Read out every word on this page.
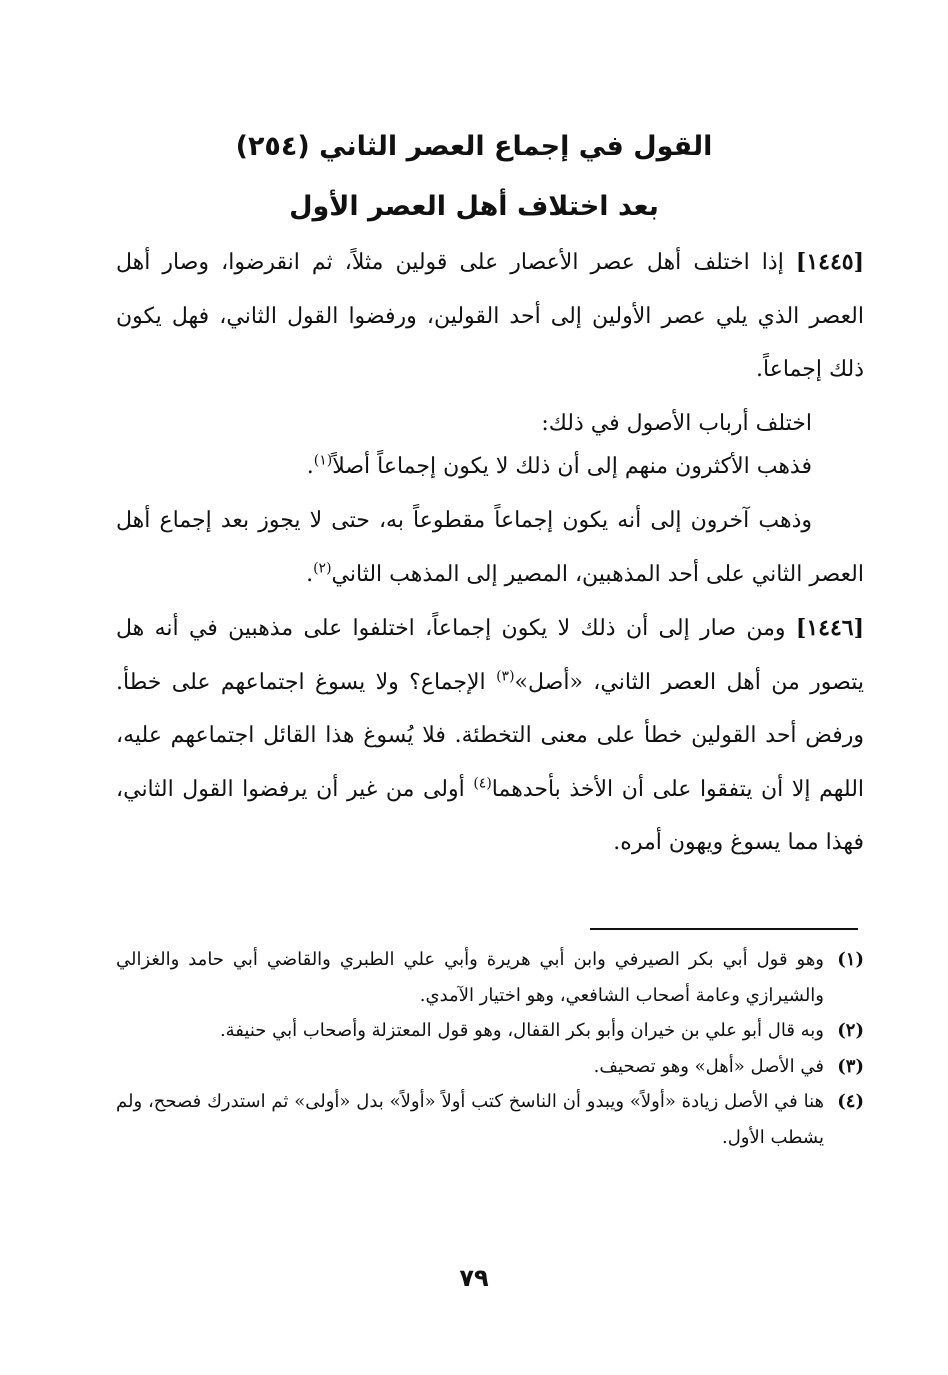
(٢٥٤) القول في إجماع العصر الثاني
بعد اختلاف أهل العصر الأول
[١٤٤٥] إذا اختلف أهل عصر الأعصار على قولين مثلاً، ثم انقرضوا، وصار أهل العصر الذي يلي عصر الأولين إلى أحد القولين، ورفضوا القول الثاني، فهل يكون ذلك إجماعاً.
اختلف أرباب الأصول في ذلك:
فذهب الأكثرون منهم إلى أن ذلك لا يكون إجماعاً أصلاً$^{(١)}$.
وذهب آخرون إلى أنه يكون إجماعاً مقطوعاً به، حتى لا يجوز بعد إجماع أهل العصر الثاني على أحد المذهبين، المصير إلى المذهب الثاني$^{(٢)}$.
[١٤٤٦] ومن صار إلى أن ذلك لا يكون إجماعاً، اختلفوا على مذهبين في أنه هل يتصور من أهل العصر الثاني، «أصل»$^{(٣)}$ الإجماع؟ ولا يسوغ اجتماعهم على خطأ. ورفض أحد القولين خطأ على معنى التخطئة. فلا يُسوغ هذا القائل اجتماعهم عليه، اللهم إلا أن يتفقوا على أن الأخذ بأحدهما$^{(٤)}$ أولى من غير أن يرفضوا القول الثاني، فهذا مما يسوغ ويهون أمره.

(١)
وهو قول أبي بكر الصيرفي وابن أبي هريرة وأبي علي الطبري والقاضي أبي حامد والغزالي والشيرازي وعامة أصحاب الشافعي، وهو اختيار الآمدي.

(٢)
وبه قال أبو علي بن خيران وأبو بكر القفال، وهو قول المعتزلة وأصحاب أبي حنيفة.

(٣)
في الأصل «أهل» وهو تصحيف.

(٤)
هنا في الأصل زيادة «أولاً» ويبدو أن الناسخ كتب أولاً «أولاً» بدل «أولى» ثم استدرك فصحح، ولم يشطب الأول.

٧٩
